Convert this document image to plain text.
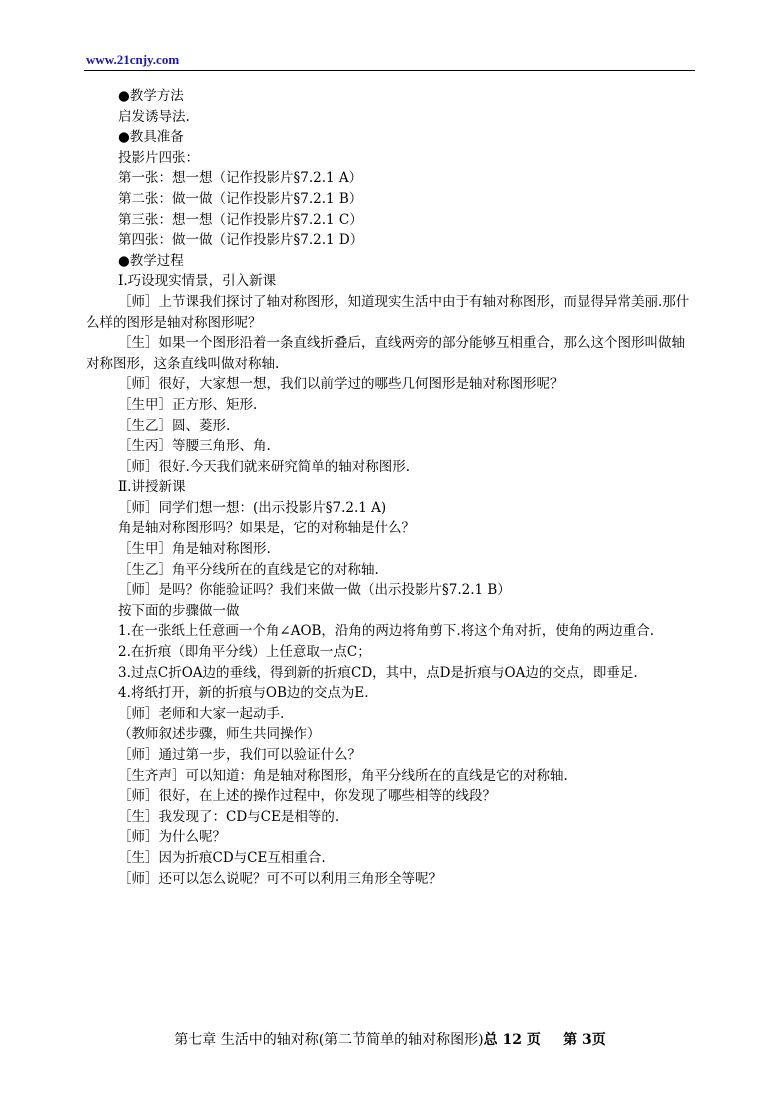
www.21cnjy.com

●教学方法

启发诱导法.

●教具准备

投影片四张：

第一张：想一想（记作投影片§7.2.1 A）

第二张：做一做（记作投影片§7.2.1 B）

第三张：想一想（记作投影片§7.2.1 C）

第四张：做一做（记作投影片§7.2.1 D）

●教学过程

Ⅰ.巧设现实情景，引入新课

［师］上节课我们探讨了轴对称图形，知道现实生活中由于有轴对称图形，而显得异常美丽.那什么样的图形是轴对称图形呢？

［生］如果一个图形沿着一条直线折叠后，直线两旁的部分能够互相重合，那么这个图形叫做轴对称图形，这条直线叫做对称轴.

［师］很好，大家想一想，我们以前学过的哪些几何图形是轴对称图形呢？

［生甲］正方形、矩形.

［生乙］圆、菱形.

［生丙］等腰三角形、角.

［师］很好.今天我们就来研究简单的轴对称图形.

Ⅱ.讲授新课

［师］同学们想一想：(出示投影片§7.2.1 A)

角是轴对称图形吗？如果是，它的对称轴是什么？

［生甲］角是轴对称图形.

［生乙］角平分线所在的直线是它的对称轴.

［师］是吗？你能验证吗？我们来做一做（出示投影片§7.2.1 B）

按下面的步骤做一做

1.在一张纸上任意画一个角∠AOB，沿角的两边将角剪下.将这个角对折，使角的两边重合.

2.在折痕（即角平分线）上任意取一点C；

3.过点C折OA边的垂线，得到新的折痕CD，其中，点D是折痕与OA边的交点，即垂足.

4.将纸打开，新的折痕与OB边的交点为E.

［师］老师和大家一起动手.

（教师叙述步骤，师生共同操作）

［师］通过第一步，我们可以验证什么？

［生齐声］可以知道：角是轴对称图形，角平分线所在的直线是它的对称轴.

［师］很好，在上述的操作过程中，你发现了哪些相等的线段？

［生］我发现了：CD与CE是相等的.

［师］为什么呢？

［生］因为折痕CD与CE互相重合.

［师］还可以怎么说呢？可不可以利用三角形全等呢？

第七章 生活中的轴对称(第二节简单的轴对称图形)总 12 页 第 3页
